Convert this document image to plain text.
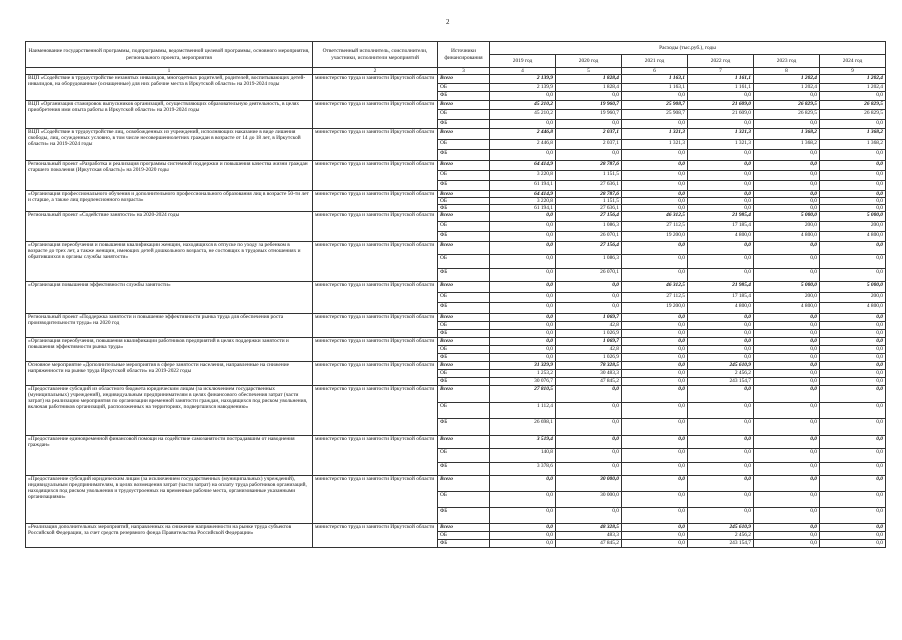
2
Наименование государственной программы, подпрограммы, ведомственной целевой программы, основного мероприятия, регионального проекта, мероприятия	Ответственный исполнитель, соисполнители, участники, исполнители мероприятий	Источники финансирования	Расходы (тыс.руб.), годы					
			2019 год	2020 год	2021 год	2022 год	2023 год	2024 год
1	2	3	4	5	6	7	8	9
ВЦП «Содействие в трудоустройстве незанятых инвалидов, многодетных родителей, родителей, воспитывающих детей-инвалидов, на оборудованные (оснащенные) для них рабочие места в Иркутской области» на 2019-2024 годы	министерство труда и занятости Иркутской области	Всего	2 139,9	1 828,4	1 163,1	1 161,1	1 202,4	1 202,4
		ОБ	2 139,9	1 828,4	1 163,1	1 161,1	1 202,4	1 202,4
		ФБ	0,0	0,0	0,0	0,0	0,0	0,0
ВЦП «Организация стажировок выпускников организаций, осуществляющих образовательную деятельность, в целях приобретения ими опыта работы в Иркутской области» на 2019-2024 годы	министерство труда и занятости Иркутской области	Всего	45 210,2	19 960,7	25 908,7	21 609,0	26 829,5	26 829,5
		ОБ	45 210,2	19 960,7	25 908,7	21 609,0	26 829,5	26 829,5
		ФБ	0,0	0,0	0,0	0,0	0,0	0,0
ВЦП «Содействие в трудоустройстве лиц, освобожденных из учреждений, исполняющих наказание в виде лишения свободы, лиц, осужденных условно, в том числе несовершеннолетних граждан в возрасте от 14 до 18 лет, в Иркутской области» на 2019-2024 годы	министерство труда и занятости Иркутской области	Всего	2 446,8	2 037,1	1 321,3	1 321,3	1 368,2	1 368,2
		ОБ	2 446,8	2 037,1	1 321,3	1 321,3	1 368,2	1 368,2
		ФБ	0,0	0,0	0,0	0,0	0,0	0,0
Региональный проект «Разработка и реализация программы системной поддержки и повышения качества жизни граждан старшего поколения (Иркутская область)» на 2019-2020 годы	министерство труда и занятости Иркутской области	Всего	64 414,9	28 787,6	0,0	0,0	0,0	0,0
		ОБ	3 220,8	1 151,5	0,0	0,0	0,0	0,0
		ФБ	61 194,1	27 636,1	0,0	0,0	0,0	0,0
«Организация профессионального обучения и дополнительного профессионального образования лиц в возрасте 50-ти лет и старше, а также лиц предпенсионного возраста»	министерство труда и занятости Иркутской области	Всего	64 414,9	28 787,6	0,0	0,0	0,0	0,0
		ОБ	3 220,8	1 151,5	0,0	0,0	0,0	0,0
		ФБ	61 194,1	27 636,1	0,0	0,0	0,0	0,0
Региональный проект «Содействие занятости» на 2020-2024 годы	министерство труда и занятости Иркутской области	Всего	0,0	27 156,4	46 312,5	21 985,4	5 000,0	5 000,0
		ОБ	0,0	1 086,3	27 112,5	17 185,4	200,0	200,0
		ФБ	0,0	26 070,1	19 200,0	4 800,0	4 800,0	4 800,0
«Организация переобучения и повышения квалификации женщин, находящихся в отпуске по уходу за ребенком в возрасте до трех лет, а также женщин, имеющих детей дошкольного возраста, не состоящих в трудовых отношениях и обратившихся в органы службы занятости»	министерство труда и занятости Иркутской области	Всего	0,0	27 156,4	0,0	0,0	0,0	0,0
		ОБ	0,0	1 086,3	0,0	0,0	0,0	0,0
		ФБ	0,0	26 070,1	0,0	0,0	0,0	0,0
«Организация повышения эффективности службы занятости»	министерство труда и занятости Иркутской области	Всего	0,0	0,0	46 312,5	21 985,4	5 000,0	5 000,0
		ОБ	0,0	0,0	27 112,5	17 185,4	200,0	200,0
		ФБ	0,0	0,0	19 200,0	4 800,0	4 800,0	4 800,0
Региональный проект «Поддержка занятости и повышение эффективности рынка труда для обеспечения роста производительности труда» на 2020 год	министерство труда и занятости Иркутской области	Всего	0,0	1 069,7	0,0	0,0	0,0	0,0
		ОБ	0,0	42,8	0,0	0,0	0,0	0,0
		ФБ	0,0	1 026,9	0,0	0,0	0,0	0,0
«Организация переобучения, повышения квалификации работников предприятий в целях поддержки занятости и повышения эффективности рынка труда»	министерство труда и занятости Иркутской области	Всего	0,0	1 069,7	0,0	0,0	0,0	0,0
		ОБ	0,0	42,8	0,0	0,0	0,0	0,0
		ФБ	0,0	1 026,9	0,0	0,0	0,0	0,0
Основное мероприятие «Дополнительные мероприятия в сфере занятости населения, направленные на снижение напряженности на рынке труда Иркутской области» на 2019-2022 годы	министерство труда и занятости Иркутской области	Всего	31 329,9	78 328,5	0,0	245 610,9	0,0	0,0
		ОБ	1 253,2	30 483,3	0,0	2 456,2	0,0	0,0
		ФБ	30 076,7	47 845,2	0,0	243 154,7	0,0	0,0
«Предоставление субсидий из областного бюджета юридическим лицам (за исключением государственных (муниципальных) учреждений), индивидуальным предпринимателям в целях финансового обеспечения затрат (части затрат) на реализацию мероприятия по организации временной занятости граждан, находящихся под риском увольнения, включая работников организаций, расположенных на территориях, подвергшихся наводнению»	министерство труда и занятости Иркутской области	Всего	27 810,5	0,0	0,0	0,0	0,0	0,0
		ОБ	1 112,4	0,0	0,0	0,0	0,0	0,0
		ФБ	26 698,1	0,0	0,0	0,0	0,0	0,0
«Предоставление единовременной финансовой помощи на содействие самозанятости пострадавшим от наводнения граждан»	министерство труда и занятости Иркутской области	Всего	3 519,4	0,0	0,0	0,0	0,0	0,0
		ОБ	140,8	0,0	0,0	0,0	0,0	0,0
		ФБ	3 378,6	0,0	0,0	0,0	0,0	0,0
«Предоставление субсидий юридическим лицам (за исключением государственных (муниципальных) учреждений), индивидуальным предпринимателям, в целях возмещения затрат (части затрат) на оплату труда работников организаций, находящихся под риском увольнения и трудоустроенных на временные рабочие места, организованные указанными организациями»	министерство труда и занятости Иркутской области	Всего	0,0	30 000,0	0,0	0,0	0,0	0,0
		ОБ	0,0	30 000,0	0,0	0,0	0,0	0,0
		ФБ	0,0	0,0	0,0	0,0	0,0	0,0
«Реализация дополнительных мероприятий, направленных на снижение напряженности на рынке труда субъектов Российской Федерации, за счет средств резервного фонда Правительства Российской Федерации»	министерство труда и занятости Иркутской области	Всего	0,0	48 328,5	0,0	245 610,9	0,0	0,0
		ОБ	0,0	483,3	0,0	2 456,2	0,0	0,0
		ФБ	0,0	47 845,2	0,0	243 154,7	0,0	0,0
